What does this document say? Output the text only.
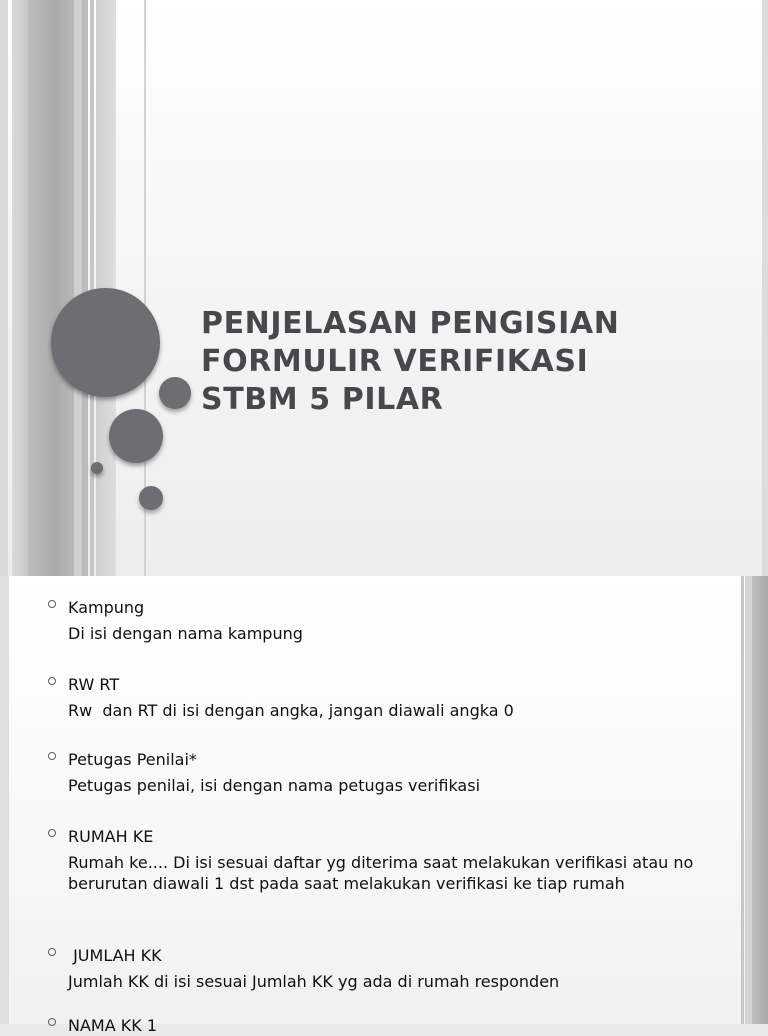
PENJELASAN PENGISIAN
FORMULIR VERIFIKASI
STBM 5 PILAR
Kampung
Di isi dengan nama kampung
RW RT
Rw  dan RT di isi dengan angka, jangan diawali angka 0
Petugas Penilai*
Petugas penilai, isi dengan nama petugas verifikasi
RUMAH KE
Rumah ke.... Di isi sesuai daftar yg diterima saat melakukan verifikasi atau no berurutan diawali 1 dst pada saat melakukan verifikasi ke tiap rumah
JUMLAH KK
Jumlah KK di isi sesuai Jumlah KK yg ada di rumah responden
NAMA KK 1
